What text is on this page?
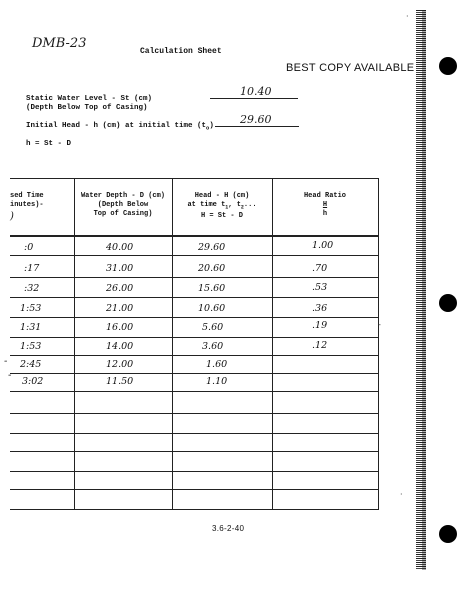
DMB-23
Calculation Sheet
BEST COPY AVAILABLE
Static Water Level - St (cm)
(Depth Below Top of Casing)
10.40
Initial Head - h (cm) at initial time $(t_o)$ 29.60
h = St - D
sed Time
inutes)-
)
Water Depth - D (cm)
(Depth Below
Top of Casing)
Head - H (cm)
at time $t_1$, $t_2$...
H = St - D
Head Ratio
H
h
:0	40.00	29.60	1.00
:17	31.00	20.60	.70
:32	26.00	15.60	.53
1:53	21.00	10.60	.36
1:31	16.00	5.60	.19
1:53	14.00	3.60	.12
2:45	12.00	1.60
3:02	11.50	1.10
-
-
3.6-2-40
·
·
-
